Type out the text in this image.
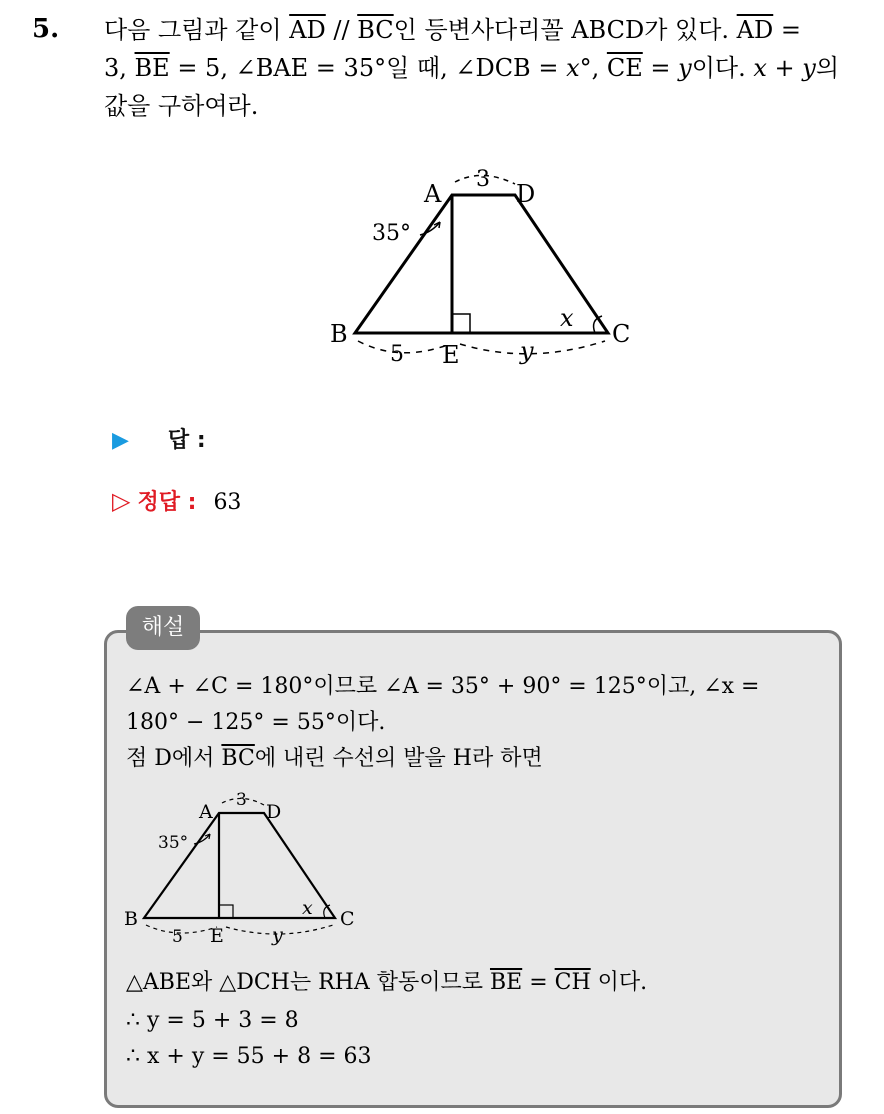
5. 다음 그림과 같이 $\overline{AD} // \overline{BC}$인 등변사다리꼴 ABCD가 있다. $\overline{AD}$ =
3, $\overline{BE} = 5$, ∠BAE = 35°일 때, ∠DCB = x°, $\overline{CE} = y$이다. x + y의
값을 구하여라.
A	D
B	C
E
3
35°
x
5	y
▶ 답 :
▷ 정답 : 63
해설
∠A + ∠C = 180°이므로 ∠A = 35° + 90° = 125°이고, ∠x =
180° − 125° = 55°이다.
점 D에서 $\overline{BC}$에 내린 수선의 발을 H라 하면
A	D
B	C
E
3
35°
x
5	y
△ABE와 △DCH는 RHA 합동이므로 $\overline{BE} = \overline{CH}$ 이다.
∴ y = 5 + 3 = 8
∴ x + y = 55 + 8 = 63
